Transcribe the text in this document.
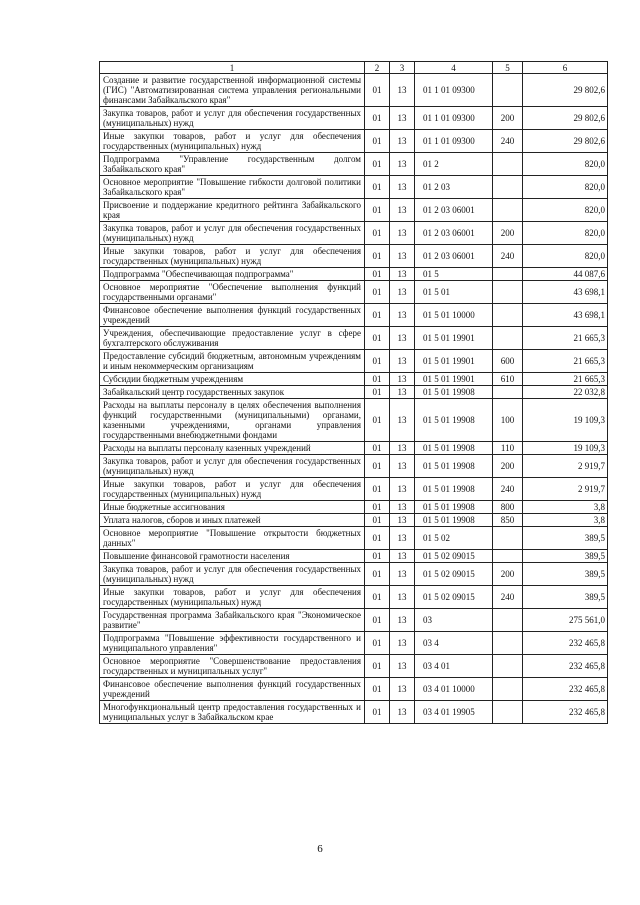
1	2	3	4	5	6
Создание и развитие государственной информационной системы (ГИС) "Автоматизированная система управления региональными финансами Забайкальского края"	01	13	01 1 01 09300		29 802,6
Закупка товаров, работ и услуг для обеспечения государственных (муниципальных) нужд	01	13	01 1 01 09300	200	29 802,6
Иные закупки товаров, работ и услуг для обеспечения государственных (муниципальных) нужд	01	13	01 1 01 09300	240	29 802,6
Подпрограмма "Управление государственным долгом Забайкальского края"	01	13	01 2		820,0
Основное мероприятие "Повышение гибкости долговой политики Забайкальского края"	01	13	01 2 03		820,0
Присвоение и поддержание кредитного рейтинга Забайкальского края	01	13	01 2 03 06001		820,0
Закупка товаров, работ и услуг для обеспечения государственных (муниципальных) нужд	01	13	01 2 03 06001	200	820,0
Иные закупки товаров, работ и услуг для обеспечения государственных (муниципальных) нужд	01	13	01 2 03 06001	240	820,0
Подпрограмма "Обеспечивающая подпрограмма"	01	13	01 5		44 087,6
Основное мероприятие "Обеспечение выполнения функций государственными органами"	01	13	01 5 01		43 698,1
Финансовое обеспечение выполнения функций государственных учреждений	01	13	01 5 01 10000		43 698,1
Учреждения, обеспечивающие предоставление услуг в сфере бухгалтерского обслуживания	01	13	01 5 01 19901		21 665,3
Предоставление субсидий бюджетным, автономным учреждениям и иным некоммерческим организациям	01	13	01 5 01 19901	600	21 665,3
Субсидии бюджетным учреждениям	01	13	01 5 01 19901	610	21 665,3
Забайкальский центр государственных закупок	01	13	01 5 01 19908		22 032,8
Расходы на выплаты персоналу в целях обеспечения выполнения функций государственными (муниципальными) органами, казенными учреждениями, органами управления государственными внебюджетными фондами	01	13	01 5 01 19908	100	19 109,3
Расходы на выплаты персоналу казенных учреждений	01	13	01 5 01 19908	110	19 109,3
Закупка товаров, работ и услуг для обеспечения государственных (муниципальных) нужд	01	13	01 5 01 19908	200	2 919,7
Иные закупки товаров, работ и услуг для обеспечения государственных (муниципальных) нужд	01	13	01 5 01 19908	240	2 919,7
Иные бюджетные ассигнования	01	13	01 5 01 19908	800	3,8
Уплата налогов, сборов и иных платежей	01	13	01 5 01 19908	850	3,8
Основное мероприятие "Повышение открытости бюджетных данных"	01	13	01 5 02		389,5
Повышение финансовой грамотности населения	01	13	01 5 02 09015		389,5
Закупка товаров, работ и услуг для обеспечения государственных (муниципальных) нужд	01	13	01 5 02 09015	200	389,5
Иные закупки товаров, работ и услуг для обеспечения государственных (муниципальных) нужд	01	13	01 5 02 09015	240	389,5
Государственная программа Забайкальского края "Экономическое развитие"	01	13	03		275 561,0
Подпрограмма "Повышение эффективности государственного и муниципального управления"	01	13	03 4		232 465,8
Основное мероприятие "Совершенствование предоставления государственных и муниципальных услуг"	01	13	03 4 01		232 465,8
Финансовое обеспечение выполнения функций государственных учреждений	01	13	03 4 01 10000		232 465,8
Многофункциональный центр предоставления государственных и муниципальных услуг в Забайкальском крае	01	13	03 4 01 19905		232 465,8
6
